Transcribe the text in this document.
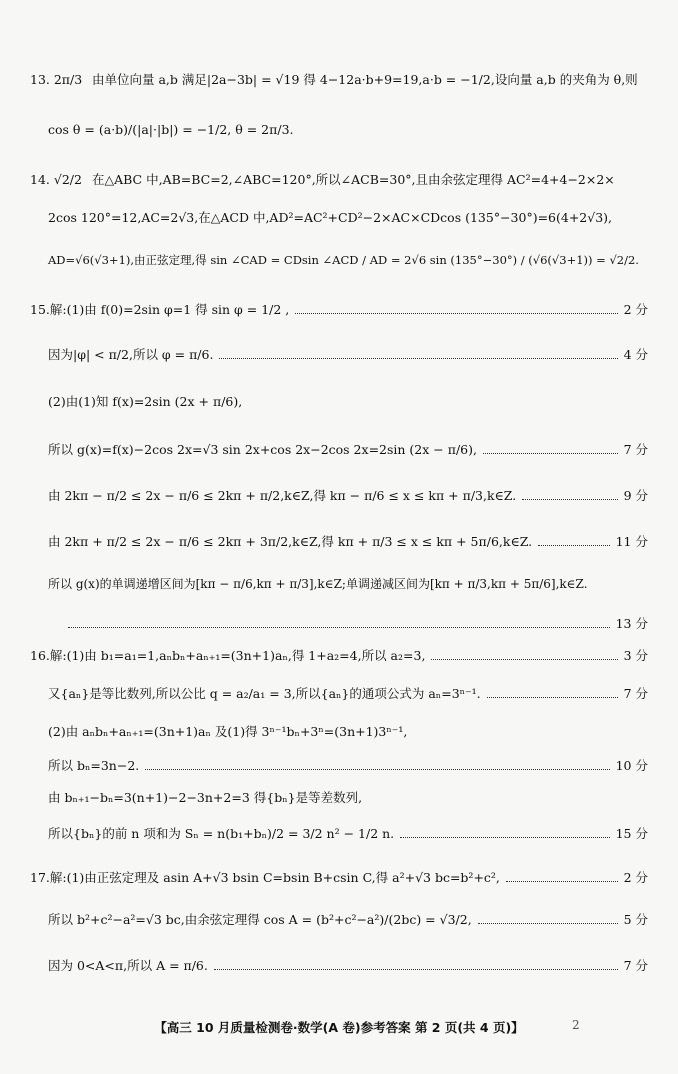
13. 2π/3 由单位向量 a,b 满足|2a−3b| = √19 得 4−12a·b+9=19,a·b = −1/2,设向量 a,b 的夹角为 θ,则
cos θ = (a·b)/(|a|·|b|) = −1/2, θ = 2π/3.
14. √2/2 在△ABC 中,AB=BC=2,∠ABC=120°,所以∠ACB=30°,且由余弦定理得 AC²=4+4−2×2×
2cos 120°=12,AC=2√3,在△ACD 中,AD²=AC²+CD²−2×AC×CDcos (135°−30°)=6(4+2√3),
AD=√6(√3+1),由正弦定理,得 sin ∠CAD = CDsin ∠ACD / AD = 2√6 sin (135°−30°) / (√6(√3+1)) = √2/2.
15.解:(1)由 f(0)=2sin φ=1 得 sin φ = 1/2 ,	2 分
因为|φ| < π/2,所以 φ = π/6.	4 分
(2)由(1)知 f(x)=2sin (2x + π/6),
所以 g(x)=f(x)−2cos 2x=√3 sin 2x+cos 2x−2cos 2x=2sin (2x − π/6),	7 分
由 2kπ − π/2 ≤ 2x − π/6 ≤ 2kπ + π/2,k∈Z,得 kπ − π/6 ≤ x ≤ kπ + π/3,k∈Z.	9 分
由 2kπ + π/2 ≤ 2x − π/6 ≤ 2kπ + 3π/2,k∈Z,得 kπ + π/3 ≤ x ≤ kπ + 5π/6,k∈Z.	11 分
所以 g(x)的单调递增区间为[kπ − π/6,kπ + π/3],k∈Z;单调递减区间为[kπ + π/3,kπ + 5π/6],k∈Z.
13 分
16.解:(1)由 b₁=a₁=1,aₙbₙ+aₙ₊₁=(3n+1)aₙ,得 1+a₂=4,所以 a₂=3,	3 分
又{aₙ}是等比数列,所以公比 q = a₂/a₁ = 3,所以{aₙ}的通项公式为 aₙ=3ⁿ⁻¹.	7 分
(2)由 aₙbₙ+aₙ₊₁=(3n+1)aₙ 及(1)得 3ⁿ⁻¹bₙ+3ⁿ=(3n+1)3ⁿ⁻¹,
所以 bₙ=3n−2.	10 分
由 bₙ₊₁−bₙ=3(n+1)−2−3n+2=3 得{bₙ}是等差数列,
所以{bₙ}的前 n 项和为 Sₙ = n(b₁+bₙ)/2 = 3/2 n² − 1/2 n.	15 分
17.解:(1)由正弦定理及 asin A+√3 bsin C=bsin B+csin C,得 a²+√3 bc=b²+c²,	2 分
所以 b²+c²−a²=√3 bc,由余弦定理得 cos A = (b²+c²−a²)/(2bc) = √3/2,	5 分
因为 0<A<π,所以 A = π/6.	7 分
【高三 10 月质量检测卷·数学(A 卷)参考答案 第 2 页(共 4 页)】	2
